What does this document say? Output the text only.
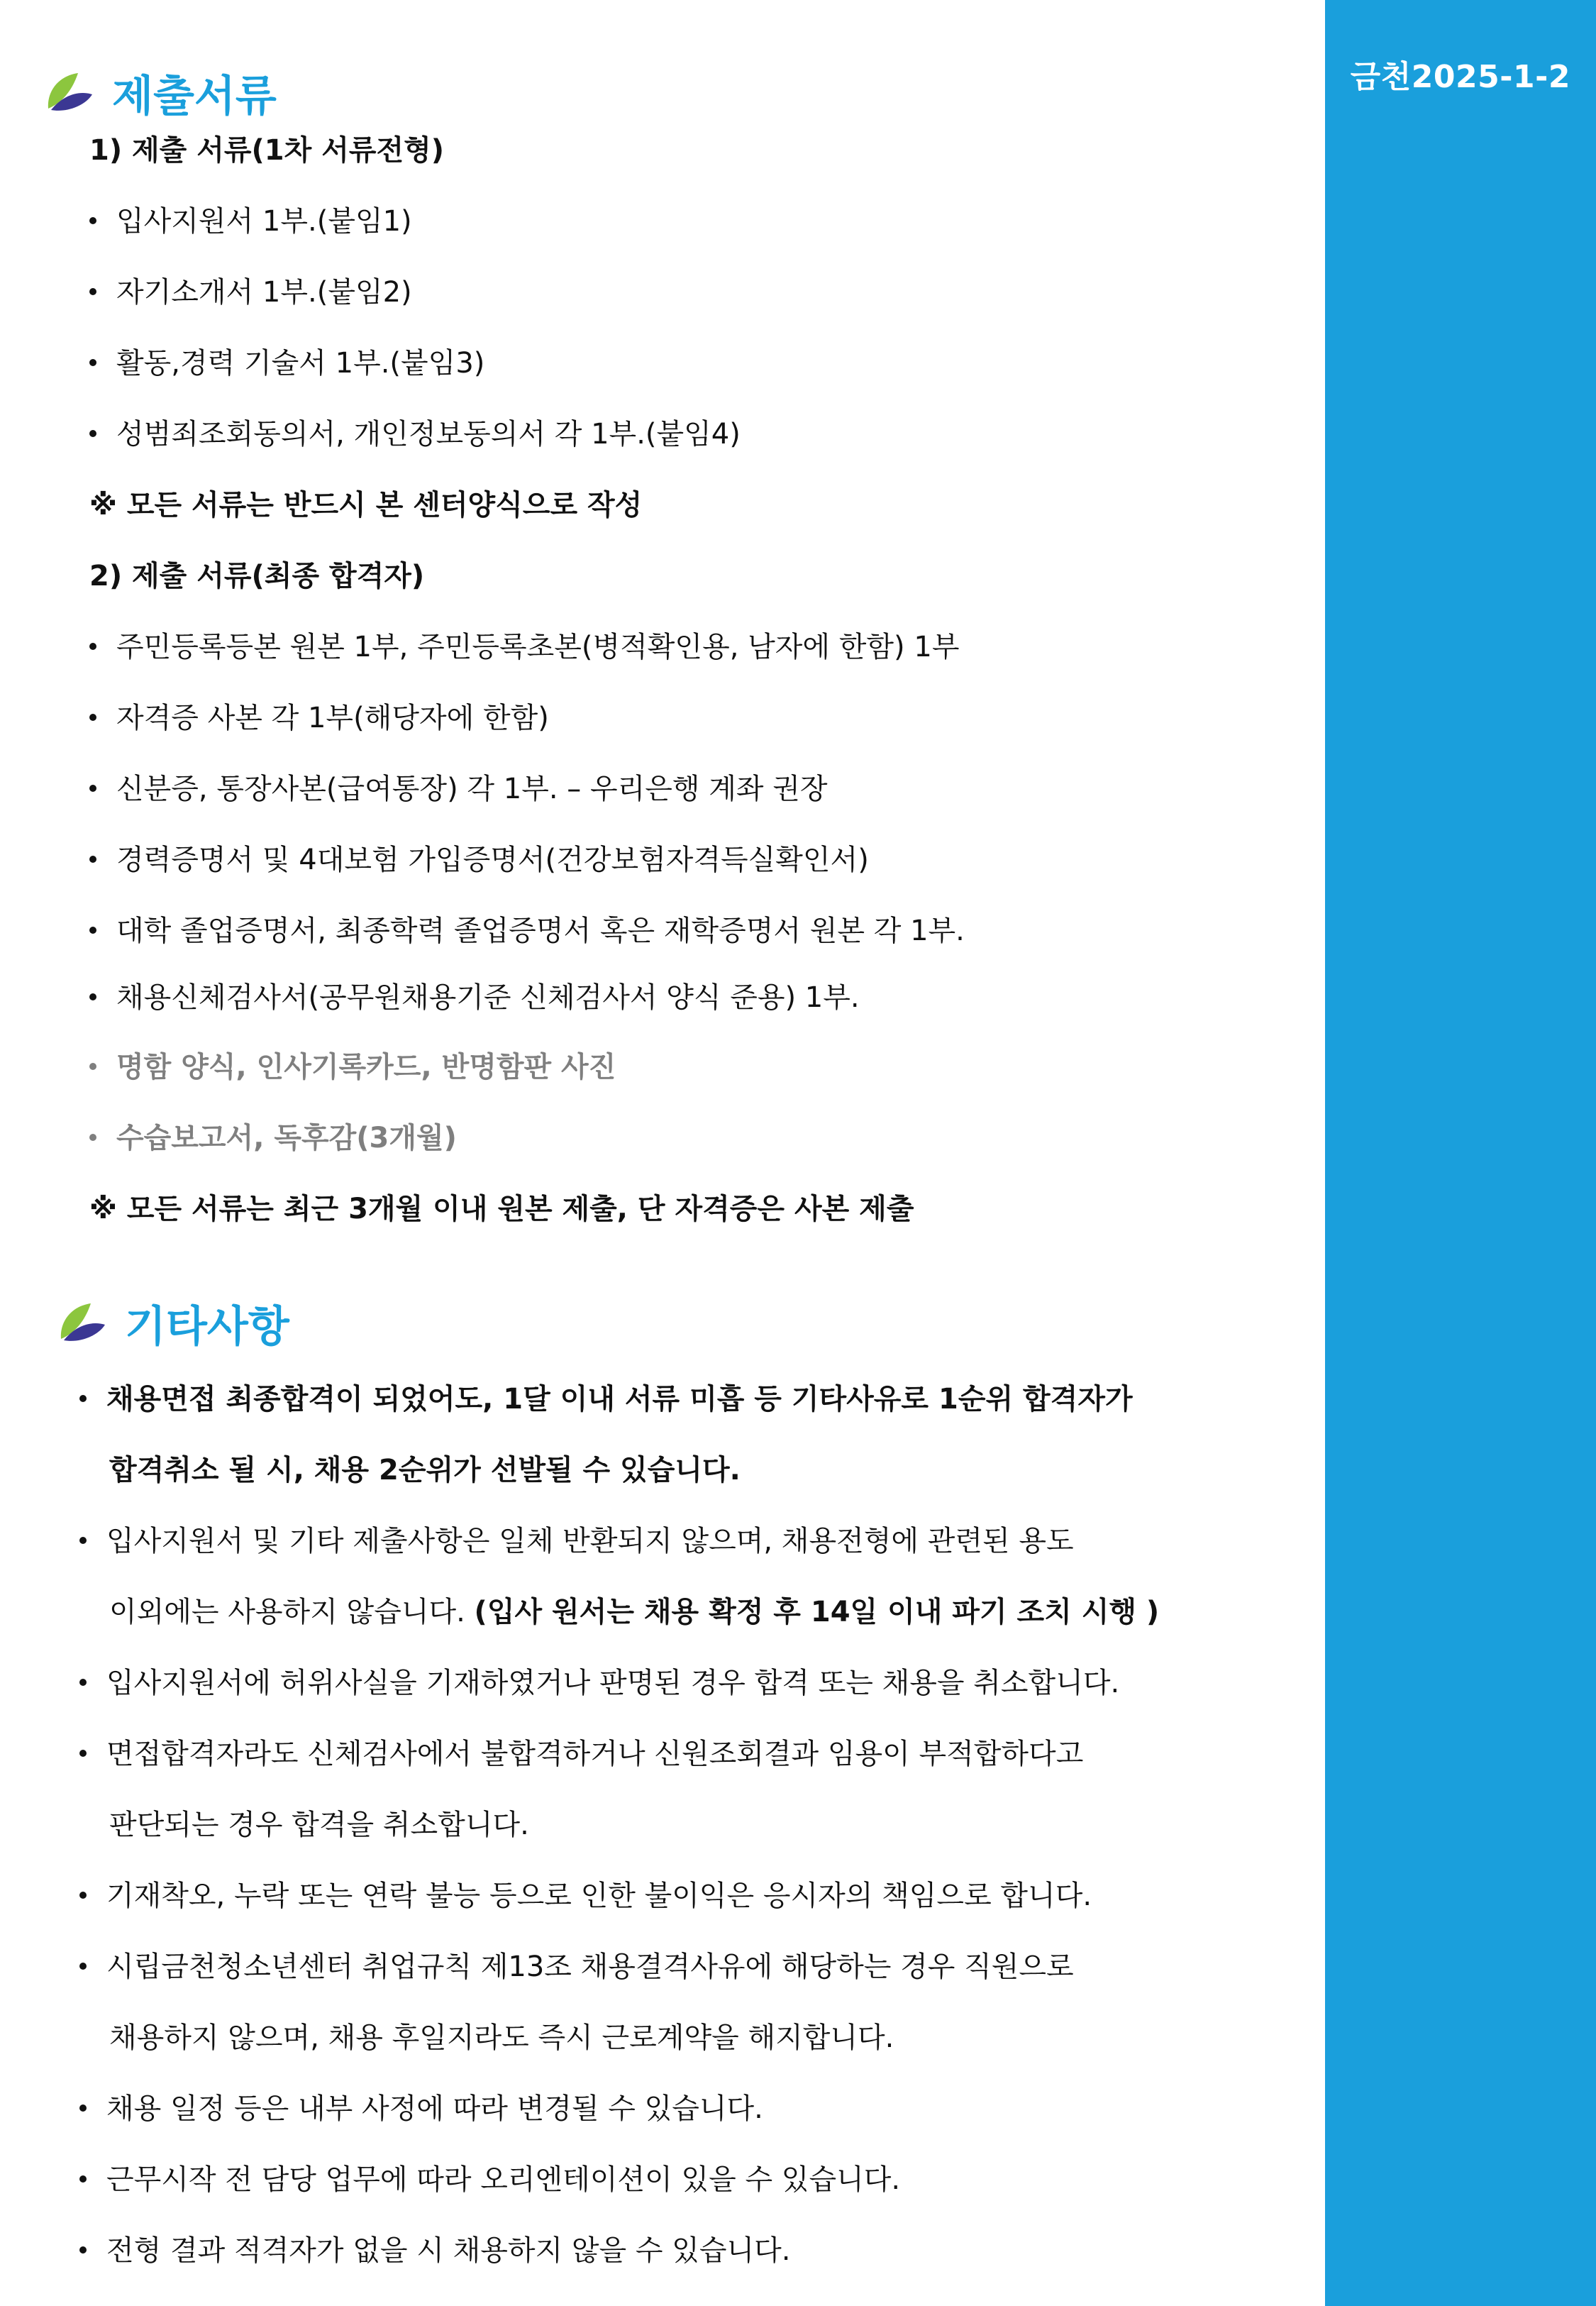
금천2025-1-2
제출서류
1) 제출 서류(1차 서류전형)
입사지원서 1부.(붙임1)
자기소개서 1부.(붙임2)
활동,경력 기술서 1부.(붙임3)
성범죄조회동의서, 개인정보동의서 각 1부.(붙임4)
※ 모든 서류는 반드시 본 센터양식으로 작성
2) 제출 서류(최종 합격자)
주민등록등본 원본 1부, 주민등록초본(병적확인용, 남자에 한함) 1부
자격증 사본 각 1부(해당자에 한함)
신분증, 통장사본(급여통장) 각 1부. – 우리은행 계좌 권장
경력증명서 및 4대보험 가입증명서(건강보험자격득실확인서)
대학 졸업증명서, 최종학력 졸업증명서 혹은 재학증명서 원본 각 1부.
채용신체검사서(공무원채용기준 신체검사서 양식 준용) 1부.
명함 양식, 인사기록카드, 반명함판 사진
수습보고서, 독후감(3개월)
※ 모든 서류는 최근 3개월 이내 원본 제출, 단 자격증은 사본 제출
기타사항
채용면접 최종합격이 되었어도, 1달 이내 서류 미흡 등 기타사유로 1순위 합격자가
합격취소 될 시, 채용 2순위가 선발될 수 있습니다.
입사지원서 및 기타 제출사항은 일체 반환되지 않으며, 채용전형에 관련된 용도
이외에는 사용하지 않습니다. (입사 원서는 채용 확정 후 14일 이내 파기 조치 시행 )
입사지원서에 허위사실을 기재하였거나 판명된 경우 합격 또는 채용을 취소합니다.
면접합격자라도 신체검사에서 불합격하거나 신원조회결과 임용이 부적합하다고
판단되는 경우 합격을 취소합니다.
기재착오, 누락 또는 연락 불능 등으로 인한 불이익은 응시자의 책임으로 합니다.
시립금천청소년센터 취업규칙 제13조 채용결격사유에 해당하는 경우 직원으로
채용하지 않으며, 채용 후일지라도 즉시 근로계약을 해지합니다.
채용 일정 등은 내부 사정에 따라 변경될 수 있습니다.
근무시작 전 담당 업무에 따라 오리엔테이션이 있을 수 있습니다.
전형 결과 적격자가 없을 시 채용하지 않을 수 있습니다.
